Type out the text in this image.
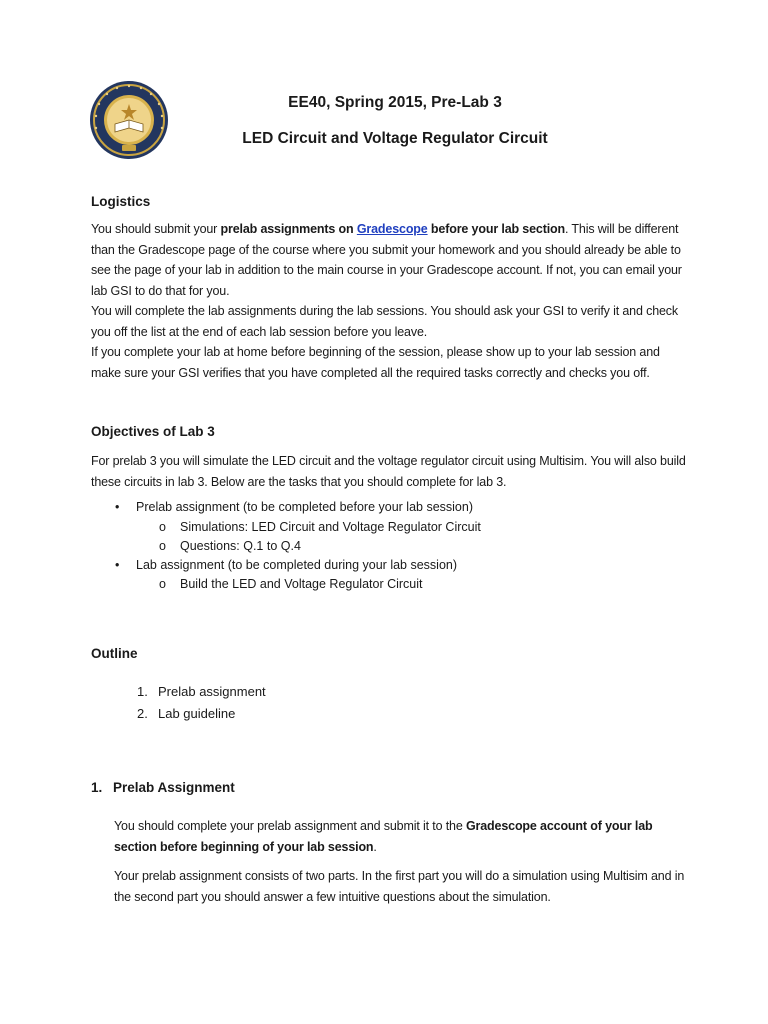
EE40, Spring 2015, Pre-Lab 3
LED Circuit and Voltage Regulator Circuit
Logistics

You should submit your prelab assignments on Gradescope before your lab section. This will be different than the Gradescope page of the course where you submit your homework and you should already be able to see the page of your lab in addition to the main course in your Gradescope account. If not, you can email your lab GSI to do that for you.

You will complete the lab assignments during the lab sessions. You should ask your GSI to verify it and check you off the list at the end of each lab session before you leave.

If you complete your lab at home before beginning of the session, please show up to your lab session and make sure your GSI verifies that you have completed all the required tasks correctly and checks you off.

Objectives of Lab 3
For prelab 3 you will simulate the LED circuit and the voltage regulator circuit using Multisim. You will also build these circuits in lab 3. Below are the tasks that you should complete for lab 3.
• Prelab assignment (to be completed before your lab session)
o Simulations: LED Circuit and Voltage Regulator Circuit
o Questions: Q.1 to Q.4
• Lab assignment (to be completed during your lab session)
o Build the LED and Voltage Regulator Circuit
Outline
1. Prelab assignment
2. Lab guideline
1. Prelab Assignment

You should complete your prelab assignment and submit it to the Gradescope account of your lab section before beginning of your lab session.

Your prelab assignment consists of two parts. In the first part you will do a simulation using Multisim and in the second part you should answer a few intuitive questions about the simulation.
